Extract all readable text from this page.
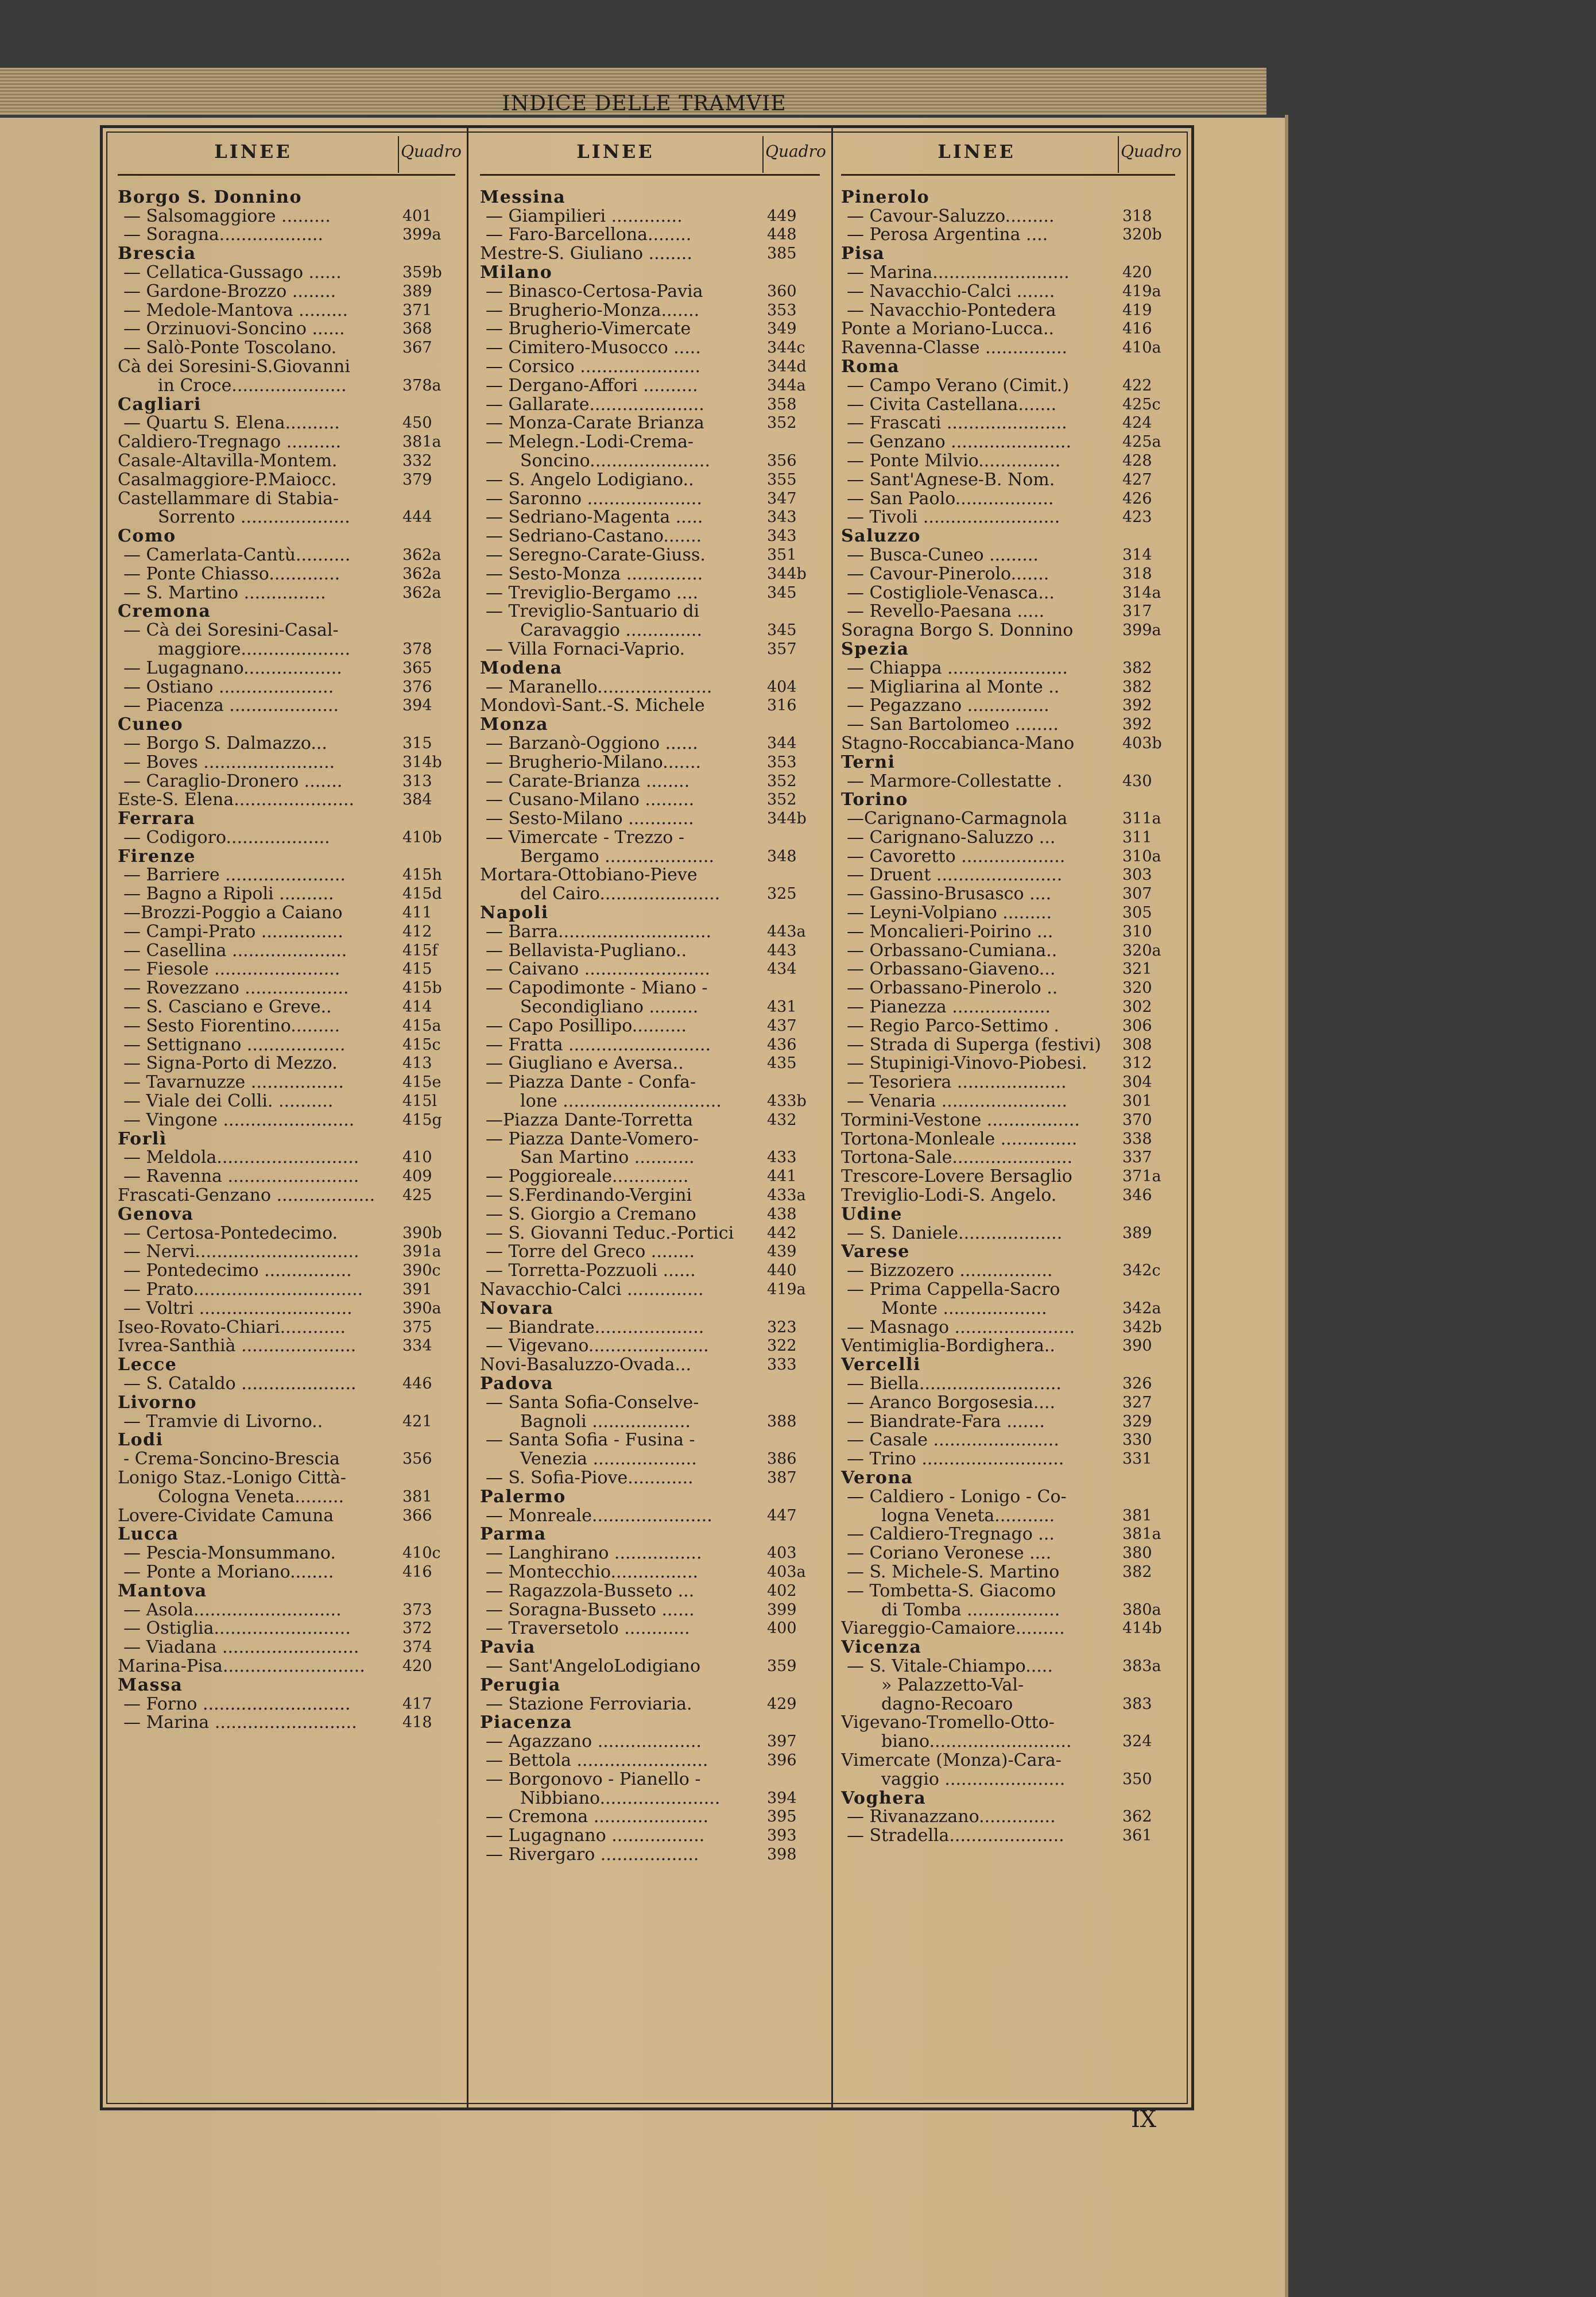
INDICE DELLE TRAMVIE
LINEE	Quadro
Borgo S. Donnino
— Salsomaggiore .........	401
— Soragna...................	399a
Brescia
— Cellatica-Gussago ......	359b
— Gardone-Brozzo ........	389
— Medole-Mantova .........	371
— Orzinuovi-Soncino ......	368
— Salò-Ponte Toscolano.	367
Cà dei Soresini-S.Giovanni
in Croce.....................	378a
Cagliari
— Quartu S. Elena..........	450
Caldiero-Tregnago ..........	381a
Casale-Altavilla-Montem.	332
Casalmaggiore-P.Maiocc.	379
Castellammare di Stabia-
Sorrento ....................	444
Como
— Camerlata-Cantù..........	362a
— Ponte Chiasso.............	362a
— S. Martino ...............	362a
Cremona
— Cà dei Soresini-Casal-
maggiore....................	378
— Lugagnano..................	365
— Ostiano .....................	376
— Piacenza ....................	394
Cuneo
— Borgo S. Dalmazzo...	315
— Boves ........................	314b
— Caraglio-Dronero .......	313
Este-S. Elena......................	384
Ferrara
— Codigoro...................	410b
Firenze
— Barriere ......................	415h
— Bagno a Ripoli ..........	415d
—Brozzi-Poggio a Caiano	411
— Campi-Prato ...............	412
— Casellina .....................	415f
— Fiesole .......................	415
— Rovezzano ...................	415b
— S. Casciano e Greve..	414
— Sesto Fiorentino.........	415a
— Settignano ..................	415c
— Signa-Porto di Mezzo.	413
— Tavarnuzze .................	415e
— Viale dei Colli. ..........	415l
— Vingone ........................	415g
Forlì
— Meldola..........................	410
— Ravenna ........................	409
Frascati-Genzano ..................	425
Genova
— Certosa-Pontedecimo.	390b
— Nervi..............................	391a
— Pontedecimo ................	390c
— Prato...............................	391
— Voltri ............................	390a
Iseo-Rovato-Chiari............	375
Ivrea-Santhià .....................	334
Lecce
— S. Cataldo .....................	446
Livorno
— Tramvie di Livorno..	421
Lodi
- Crema-Soncino-Brescia	356
Lonigo Staz.-Lonigo Città-
Cologna Veneta.........	381
Lovere-Cividate Camuna	366
Lucca
— Pescia-Monsummano.	410c
— Ponte a Moriano........	416
Mantova
— Asola...........................	373
— Ostiglia.........................	372
— Viadana .........................	374
Marina-Pisa..........................	420
Massa
— Forno ...........................	417
— Marina ..........................	418
LINEE	Quadro
Messina
— Giampilieri .............	449
— Faro-Barcellona........	448
Mestre-S. Giuliano ........	385
Milano
— Binasco-Certosa-Pavia	360
— Brugherio-Monza.......	353
— Brugherio-Vimercate	349
— Cimitero-Musocco .....	344c
— Corsico ......................	344d
— Dergano-Affori ..........	344a
— Gallarate.....................	358
— Monza-Carate Brianza	352
— Melegn.-Lodi-Crema-
Soncino......................	356
— S. Angelo Lodigiano..	355
— Saronno .....................	347
— Sedriano-Magenta .....	343
— Sedriano-Castano.......	343
— Seregno-Carate-Giuss.	351
— Sesto-Monza ..............	344b
— Treviglio-Bergamo ....	345
— Treviglio-Santuario di
Caravaggio ..............	345
— Villa Fornaci-Vaprio.	357
Modena
— Maranello.....................	404
Mondovì-Sant.-S. Michele	316
Monza
— Barzanò-Oggiono ......	344
— Brugherio-Milano.......	353
— Carate-Brianza ........	352
— Cusano-Milano .........	352
— Sesto-Milano ............	344b
— Vimercate - Trezzo -
Bergamo ....................	348
Mortara-Ottobiano-Pieve
del Cairo......................	325
Napoli
— Barra............................	443a
— Bellavista-Pugliano..	443
— Caivano .......................	434
— Capodimonte - Miano -
Secondigliano .........	431
— Capo Posillipo..........	437
— Fratta ..........................	436
— Giugliano e Aversa..	435
— Piazza Dante - Confa-
lone .............................	433b
—Piazza Dante-Torretta	432
— Piazza Dante-Vomero-
San Martino ...........	433
— Poggioreale..............	441
— S.Ferdinando-Vergini	433a
— S. Giorgio a Cremano	438
— S. Giovanni Teduc.-Portici	442
— Torre del Greco ........	439
— Torretta-Pozzuoli ......	440
Navacchio-Calci ..............	419a
Novara
— Biandrate....................	323
— Vigevano......................	322
Novi-Basaluzzo-Ovada...	333
Padova
— Santa Sofia-Conselve-
Bagnoli ..................	388
— Santa Sofia - Fusina -
Venezia ...................	386
— S. Sofia-Piove............	387
Palermo
— Monreale......................	447
Parma
— Langhirano ................	403
— Montecchio................	403a
— Ragazzola-Busseto ...	402
— Soragna-Busseto ......	399
— Traversetolo ............	400
Pavia
— Sant'AngeloLodigiano	359
Perugia
— Stazione Ferroviaria.	429
Piacenza
— Agazzano ...................	397
— Bettola ........................	396
— Borgonovo - Pianello -
Nibbiano......................	394
— Cremona .....................	395
— Lugagnano .................	393
— Rivergaro ..................	398
LINEE	Quadro
Pinerolo
— Cavour-Saluzzo.........	318
— Perosa Argentina ....	320b
Pisa
— Marina.........................	420
— Navacchio-Calci .......	419a
— Navacchio-Pontedera	419
Ponte a Moriano-Lucca..	416
Ravenna-Classe ...............	410a
Roma
— Campo Verano (Cimit.)	422
— Civita Castellana.......	425c
— Frascati ......................	424
— Genzano ......................	425a
— Ponte Milvio...............	428
— Sant'Agnese-B. Nom.	427
— San Paolo..................	426
— Tivoli .........................	423
Saluzzo
— Busca-Cuneo .........	314
— Cavour-Pinerolo.......	318
— Costigliole-Venasca...	314a
— Revello-Paesana .....	317
Soragna Borgo S. Donnino	399a
Spezia
— Chiappa ......................	382
— Migliarina al Monte ..	382
— Pegazzano ...............	392
— San Bartolomeo ........	392
Stagno-Roccabianca-Mano	403b
Terni
— Marmore-Collestatte .	430
Torino
—Carignano-Carmagnola	311a
— Carignano-Saluzzo ...	311
— Cavoretto ...................	310a
— Druent .......................	303
— Gassino-Brusasco ....	307
— Leyni-Volpiano .........	305
— Moncalieri-Poirino ...	310
— Orbassano-Cumiana..	320a
— Orbassano-Giaveno...	321
— Orbassano-Pinerolo ..	320
— Pianezza ..................	302
— Regio Parco-Settimo .	306
— Strada di Superga (festivi)	308
— Stupinigi-Vinovo-Piobesi.	312
— Tesoriera ....................	304
— Venaria .......................	301
Tormini-Vestone .................	370
Tortona-Monleale ..............	338
Tortona-Sale......................	337
Trescore-Lovere Bersaglio	371a
Treviglio-Lodi-S. Angelo.	346
Udine
— S. Daniele...................	389
Varese
— Bizzozero .................	342c
— Prima Cappella-Sacro
Monte ...................	342a
— Masnago ......................	342b
Ventimiglia-Bordighera..	390
Vercelli
— Biella..........................	326
— Aranco Borgosesia....	327
— Biandrate-Fara .......	329
— Casale .......................	330
— Trino ..........................	331
Verona
— Caldiero - Lonigo - Co-
logna Veneta...........	381
— Caldiero-Tregnago ...	381a
— Coriano Veronese ....	380
— S. Michele-S. Martino	382
— Tombetta-S. Giacomo
di Tomba .................	380a
Viareggio-Camaiore.........	414b
Vicenza
— S. Vitale-Chiampo.....	383a
» Palazzetto-Val-
dagno-Recoaro	383
Vigevano-Tromello-Otto-
biano..........................	324
Vimercate (Monza)-Cara-
vaggio ......................	350
Voghera
— Rivanazzano..............	362
— Stradella.....................	361
IX
